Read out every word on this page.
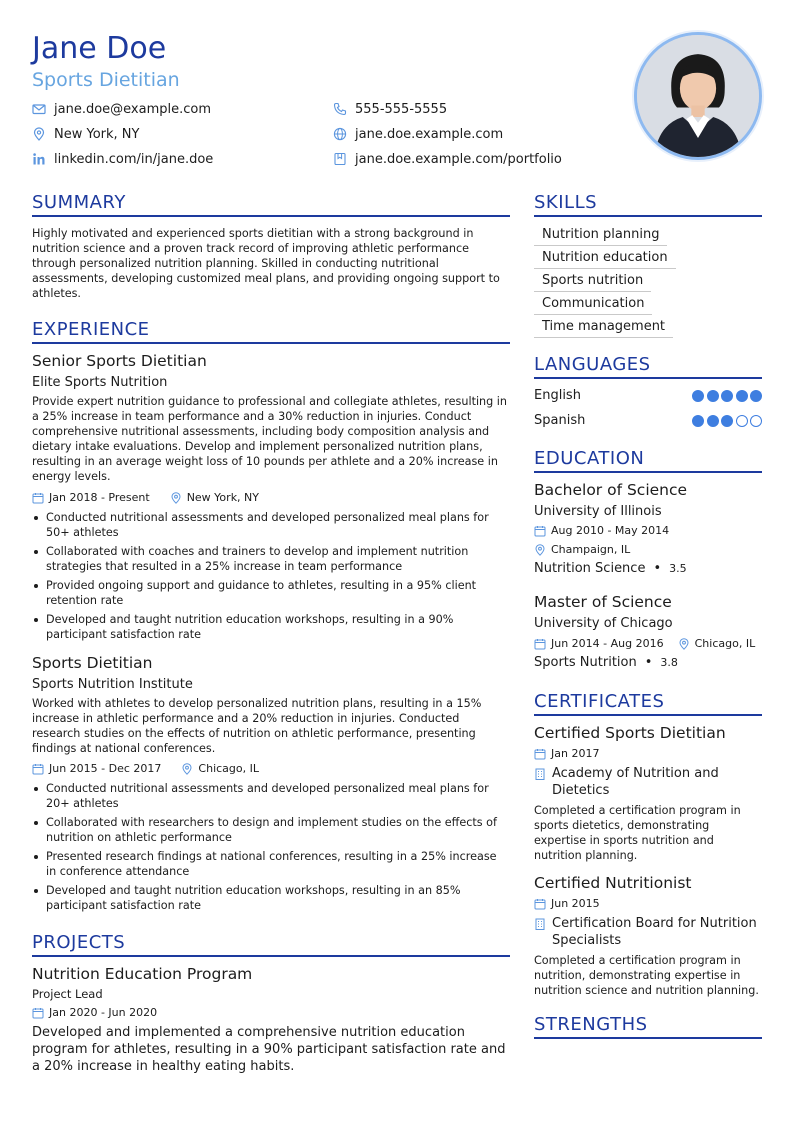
Jane Doe
Sports Dietitian
jane.doe@example.com	555-555-5555
New York, NY	jane.doe.example.com
linkedin.com/in/jane.doe	jane.doe.example.com/portfolio
SUMMARY
Highly motivated and experienced sports dietitian with a strong background in nutrition science and a proven track record of improving athletic performance through personalized nutrition planning. Skilled in conducting nutritional assessments, developing customized meal plans, and providing ongoing support to athletes.
EXPERIENCE
Senior Sports Dietitian
Elite Sports Nutrition
Provide expert nutrition guidance to professional and collegiate athletes, resulting in a 25% increase in team performance and a 30% reduction in injuries. Conduct comprehensive nutritional assessments, including body composition analysis and dietary intake evaluations. Develop and implement personalized nutrition plans, resulting in an average weight loss of 10 pounds per athlete and a 20% increase in energy levels.
Jan 2018 - Present	New York, NY
Conducted nutritional assessments and developed personalized meal plans for 50+ athletes
Collaborated with coaches and trainers to develop and implement nutrition strategies that resulted in a 25% increase in team performance
Provided ongoing support and guidance to athletes, resulting in a 95% client retention rate
Developed and taught nutrition education workshops, resulting in a 90% participant satisfaction rate
Sports Dietitian
Sports Nutrition Institute
Worked with athletes to develop personalized nutrition plans, resulting in a 15% increase in athletic performance and a 20% reduction in injuries. Conducted research studies on the effects of nutrition on athletic performance, presenting findings at national conferences.
Jun 2015 - Dec 2017	Chicago, IL
Conducted nutritional assessments and developed personalized meal plans for 20+ athletes
Collaborated with researchers to design and implement studies on the effects of nutrition on athletic performance
Presented research findings at national conferences, resulting in a 25% increase in conference attendance
Developed and taught nutrition education workshops, resulting in an 85% participant satisfaction rate
PROJECTS
Nutrition Education Program
Project Lead
Jan 2020 - Jun 2020
Developed and implemented a comprehensive nutrition education program for athletes, resulting in a 90% participant satisfaction rate and a 20% increase in healthy eating habits.
SKILLS
Nutrition planning
Nutrition education
Sports nutrition
Communication
Time management
LANGUAGES
English
Spanish
EDUCATION
Bachelor of Science
University of Illinois
Aug 2010 - May 2014
Champaign, IL
Nutrition Science • 3.5
Master of Science
University of Chicago
Jun 2014 - Aug 2016	Chicago, IL
Sports Nutrition • 3.8
CERTIFICATES
Certified Sports Dietitian
Jan 2017
Academy of Nutrition and Dietetics
Completed a certification program in sports dietetics, demonstrating expertise in sports nutrition and nutrition planning.
Certified Nutritionist
Jun 2015
Certification Board for Nutrition Specialists
Completed a certification program in nutrition, demonstrating expertise in nutrition science and nutrition planning.
STRENGTHS
